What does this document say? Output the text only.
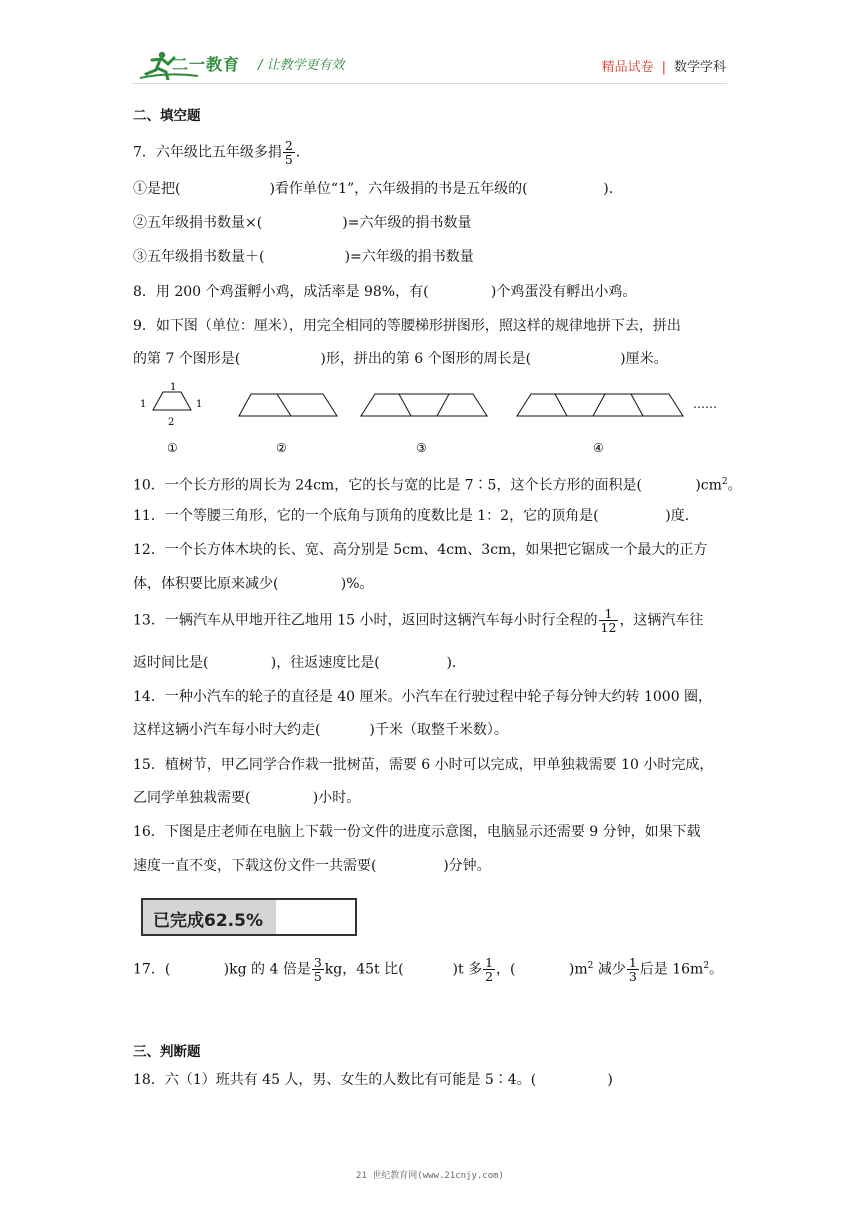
二一教育 / 让教学更有效	精品试卷 | 数学学科
二、填空题
7．六年级比五年级多捐 $\frac{2}{5}$ ．
①是把(                    )看作单位“1”，六年级捐的书是五年级的(                 )．
②五年级捐书数量×(                  )=六年级的捐书数量
③五年级捐书数量＋(                  )=六年级的捐书数量
8．用 200 个鸡蛋孵小鸡，成活率是 98%，有(              )个鸡蛋没有孵出小鸡。
9．如下图（单位：厘米），用完全相同的等腰梯形拼图形，照这样的规律地拼下去，拼出
的第 7 个图形是(                  )形，拼出的第 6 个图形的周长是(                    )厘米。
1
1	1
2
……
①	②	③	④
10．一个长方形的周长为 24cm，它的长与宽的比是 7∶5，这个长方形的面积是(            )$cm^2$。
11．一个等腰三角形，它的一个底角与顶角的度数比是 1：2，它的顶角是(               )度．
12．一个长方体木块的长、宽、高分别是 5cm、4cm、3cm，如果把它锯成一个最大的正方
体，体积要比原来减少(              )%。
13．一辆汽车从甲地开往乙地用 15 小时，返回时这辆汽车每小时行全程的 $\frac{1}{12}$ ，这辆汽车往
返时间比是(              )，往返速度比是(               )．
14．一种小汽车的轮子的直径是 40 厘米。小汽车在行驶过程中轮子每分钟大约转 1000 圈，
这样这辆小汽车每小时大约走(           )千米（取整千米数）。
15．植树节，甲乙同学合作栽一批树苗，需要 6 小时可以完成，甲单独栽需要 10 小时完成，
乙同学单独栽需要(              )小时。
16．下图是庄老师在电脑上下载一份文件的进度示意图，电脑显示还需要 9 分钟，如果下载
速度一直不变，下载这份文件一共需要(               )分钟。
已完成62.5%
17．(            )kg 的 4 倍是 $\frac{3}{5}$ kg，45t 比(           )t 多 $\frac{1}{2}$ ，(            )$m^2$ 减少 $\frac{1}{3}$ 后是 $16m^2$。
三、判断题
18．六（1）班共有 45 人，男、女生的人数比有可能是 5∶4。(                )
21 世纪教育网(www.21cnjy.com)
